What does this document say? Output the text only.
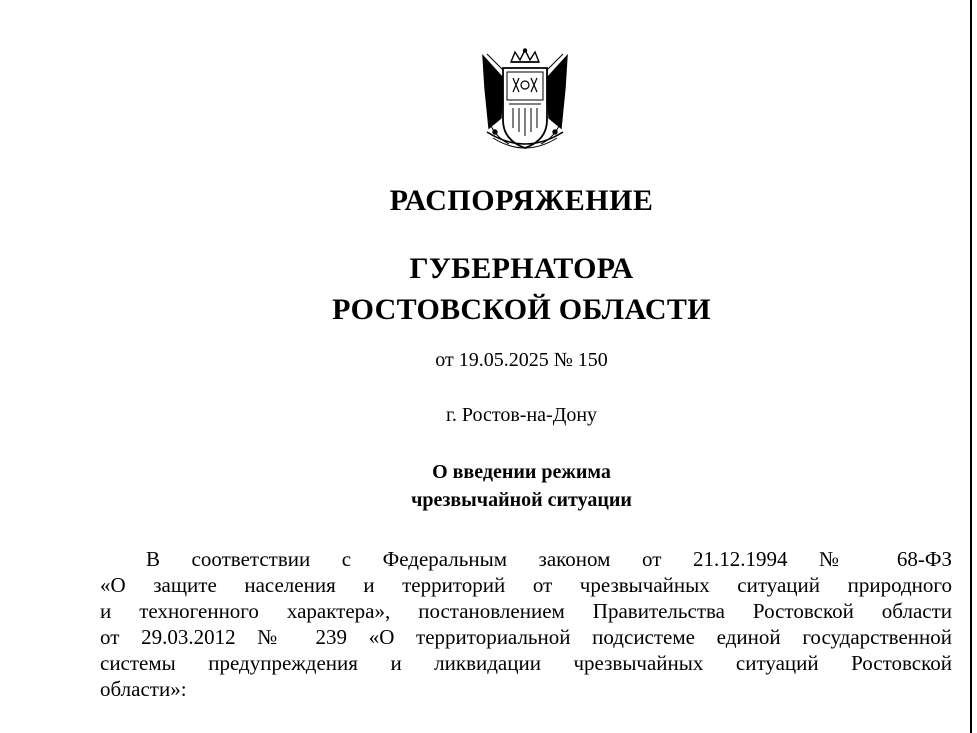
РАСПОРЯЖЕНИЕ
ГУБЕРНАТОРА
РОСТОВСКОЙ ОБЛАСТИ
от 19.05.2025 № 150
г. Ростов-на-Дону
О введении режима
чрезвычайной ситуации
В соответствии с Федеральным законом от 21.12.1994 № 68-ФЗ
«О защите населения и территорий от чрезвычайных ситуаций природного
и техногенного характера», постановлением Правительства Ростовской области
от 29.03.2012 № 239 «О территориальной подсистеме единой государственной
системы предупреждения и ликвидации чрезвычайных ситуаций Ростовской
области»:
